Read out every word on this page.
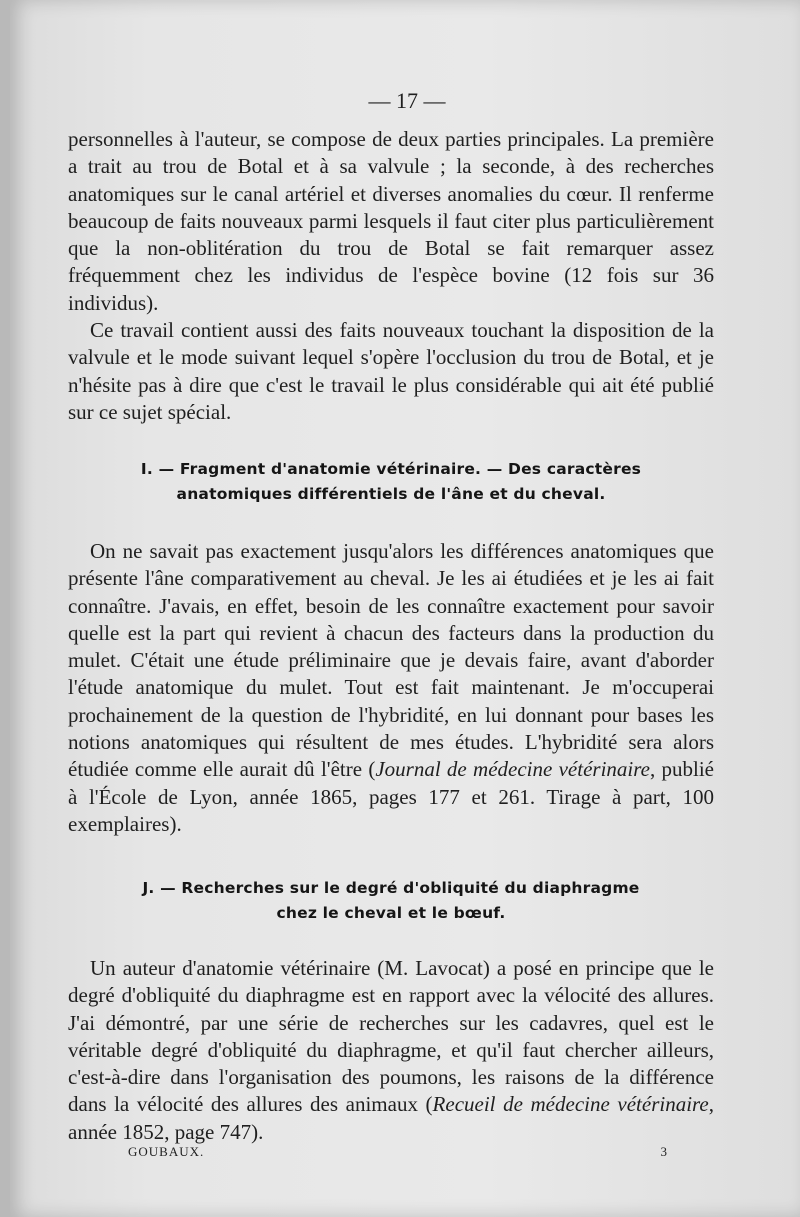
— 17 —

personnelles à l'auteur, se compose de deux parties principales. La première a trait au trou de Botal et à sa valvule ; la seconde, à des recherches anatomiques sur le canal artériel et diverses anomalies du cœur. Il renferme beaucoup de faits nouveaux parmi lesquels il faut citer plus particulièrement que la non-oblitération du trou de Botal se fait remarquer assez fréquemment chez les individus de l'espèce bovine (12 fois sur 36 individus).

Ce travail contient aussi des faits nouveaux touchant la disposition de la valvule et le mode suivant lequel s'opère l'occlusion du trou de Botal, et je n'hésite pas à dire que c'est le travail le plus considérable qui ait été publié sur ce sujet spécial.

I. — Fragment d'anatomie vétérinaire. — Des caractères
anatomiques différentiels de l'âne et du cheval.

On ne savait pas exactement jusqu'alors les différences anatomiques que présente l'âne comparativement au cheval. Je les ai étudiées et je les ai fait connaître. J'avais, en effet, besoin de les connaître exactement pour savoir quelle est la part qui revient à chacun des facteurs dans la production du mulet. C'était une étude préliminaire que je devais faire, avant d'aborder l'étude anatomique du mulet. Tout est fait maintenant. Je m'occuperai prochainement de la question de l'hybridité, en lui donnant pour bases les notions anatomiques qui résultent de mes études. L'hybridité sera alors étudiée comme elle aurait dû l'être (Journal de médecine vétérinaire, publié à l'École de Lyon, année 1865, pages 177 et 261. Tirage à part, 100 exemplaires).

J. — Recherches sur le degré d'obliquité du diaphragme
chez le cheval et le bœuf.

Un auteur d'anatomie vétérinaire (M. Lavocat) a posé en principe que le degré d'obliquité du diaphragme est en rapport avec la vélocité des allures. J'ai démontré, par une série de recherches sur les cadavres, quel est le véritable degré d'obliquité du diaphragme, et qu'il faut chercher ailleurs, c'est-à-dire dans l'organisation des poumons, les raisons de la différence dans la vélocité des allures des animaux (Recueil de médecine vétérinaire, année 1852, page 747).

GOUBAUX.	3
